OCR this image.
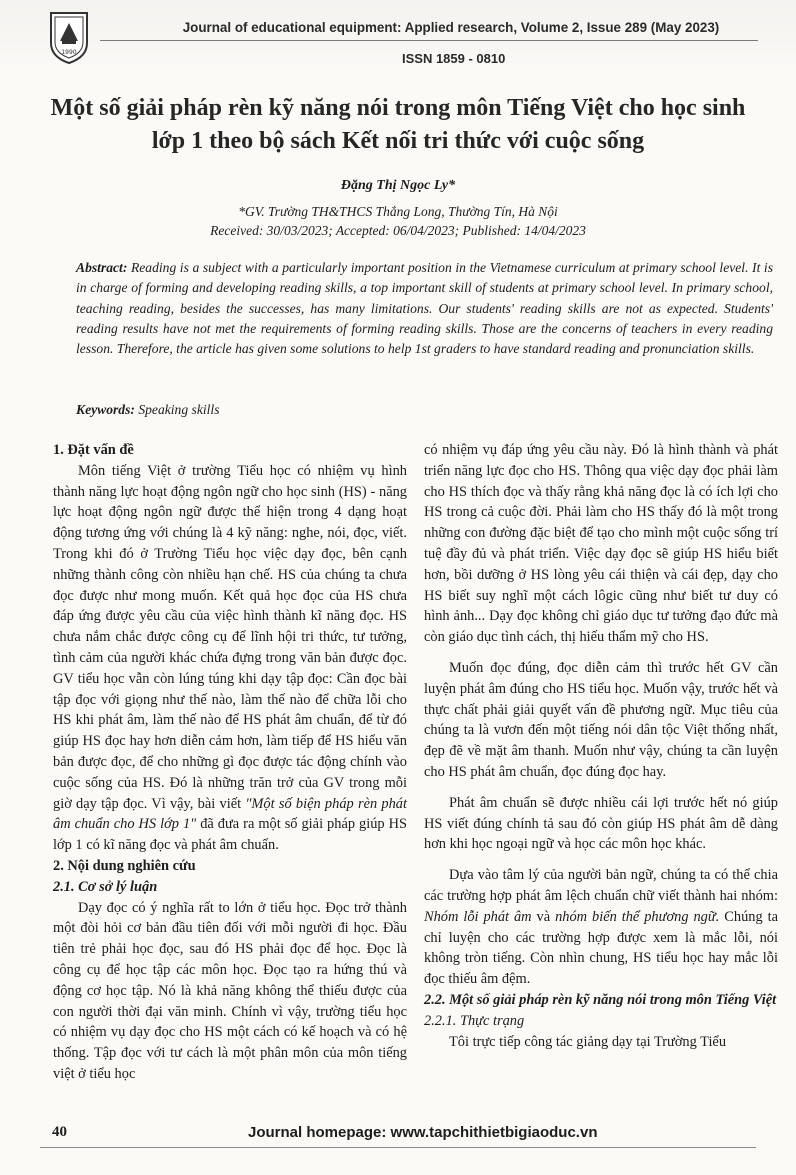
1990
Journal of educational equipment: Applied research, Volume 2, Issue 289 (May 2023)
ISSN 1859 - 0810
Một số giải pháp rèn kỹ năng nói trong môn Tiếng Việt cho học sinh lớp 1 theo bộ sách Kết nối tri thức với cuộc sống
Đặng Thị Ngọc Ly*
*GV. Trường TH&THCS Thắng Long, Thường Tín, Hà Nội
Received: 30/03/2023; Accepted: 06/04/2023; Published: 14/04/2023
Abstract: Reading is a subject with a particularly important position in the Vietnamese curriculum at primary school level. It is in charge of forming and developing reading skills, a top important skill of students at primary school level. In primary school, teaching reading, besides the successes, has many limitations. Our students' reading skills are not as expected. Students' reading results have not met the requirements of forming reading skills. Those are the concerns of teachers in every reading lesson. Therefore, the article has given some solutions to help 1st graders to have standard reading and pronunciation skills.
Keywords: Speaking skills

1. Đặt vấn đề

Môn tiếng Việt ở trường Tiểu học có nhiệm vụ hình thành năng lực hoạt động ngôn ngữ cho học sinh (HS) - năng lực hoạt động ngôn ngữ được thể hiện trong 4 dạng hoạt động tương ứng với chúng là 4 kỹ năng: nghe, nói, đọc, viết. Trong khi đó ở Trường Tiểu học việc dạy đọc, bên cạnh những thành công còn nhiều hạn chế. HS của chúng ta chưa đọc được như mong muốn. Kết quả học đọc của HS chưa đáp ứng được yêu cầu của việc hình thành kĩ năng đọc. HS chưa nắm chắc được công cụ để lĩnh hội tri thức, tư tưởng, tình cảm của người khác chứa đựng trong văn bản được đọc. GV tiểu học vẫn còn lúng túng khi dạy tập đọc: Cần đọc bài tập đọc với giọng như thế nào, làm thế nào để chữa lỗi cho HS khi phát âm, làm thế nào để HS phát âm chuẩn, để từ đó giúp HS đọc hay hơn diễn cảm hơn, làm tiếp để HS hiểu văn bản được đọc, để cho những gì đọc được tác động chính vào cuộc sống của HS. Đó là những trăn trở của GV trong mỗi giờ dạy tập đọc. Vì vậy, bài viết "Một số biện pháp rèn phát âm chuẩn cho HS lớp 1" đã đưa ra một số giải pháp giúp HS lớp 1 có kĩ năng đọc và phát âm chuẩn.

2. Nội dung nghiên cứu

2.1. Cơ sở lý luận

Dạy đọc có ý nghĩa rất to lớn ở tiểu học. Đọc trở thành một đòi hỏi cơ bản đầu tiên đối với mỗi người đi học. Đầu tiên trẻ phải học đọc, sau đó HS phải đọc để học. Đọc là công cụ để học tập các môn học. Đọc tạo ra hứng thú và động cơ học tập. Nó là khả năng không thể thiếu được của con người thời đại văn minh. Chính vì vậy, trường tiểu học có nhiệm vụ dạy đọc cho HS một cách có kế hoạch và có hệ thống. Tập đọc với tư cách là một phân môn của môn tiếng việt ở tiểu học

có nhiệm vụ đáp ứng yêu cầu này. Đó là hình thành và phát triển năng lực đọc cho HS. Thông qua việc dạy đọc phải làm cho HS thích đọc và thấy rằng khả năng đọc là có ích lợi cho HS trong cả cuộc đời. Phải làm cho HS thấy đó là một trong những con đường đặc biệt để tạo cho mình một cuộc sống trí tuệ đầy đủ và phát triển. Việc dạy đọc sẽ giúp HS hiểu biết hơn, bồi dưỡng ở HS lòng yêu cái thiện và cái đẹp, dạy cho HS biết suy nghĩ một cách lôgic cũng như biết tư duy có hình ảnh... Dạy đọc không chỉ giáo dục tư tưởng đạo đức mà còn giáo dục tình cách, thị hiếu thẩm mỹ cho HS.

Muốn đọc đúng, đọc diễn cảm thì trước hết GV cần luyện phát âm đúng cho HS tiểu học. Muốn vậy, trước hết và thực chất phải giải quyết vấn đề phương ngữ. Mục tiêu của chúng ta là vươn đến một tiếng nói dân tộc Việt thống nhất, đẹp đẽ về mặt âm thanh. Muốn như vậy, chúng ta cần luyện cho HS phát âm chuẩn, đọc đúng đọc hay.

Phát âm chuẩn sẽ được nhiều cái lợi trước hết nó giúp HS viết đúng chính tả sau đó còn giúp HS phát âm dễ dàng hơn khi học ngoại ngữ và học các môn học khác.

Dựa vào tâm lý của người bản ngữ, chúng ta có thể chia các trường hợp phát âm lệch chuẩn chữ viết thành hai nhóm: Nhóm lỗi phát âm và nhóm biến thể phương ngữ. Chúng ta chỉ luyện cho các trường hợp được xem là mắc lỗi, nói không tròn tiếng. Còn nhìn chung, HS tiểu học hay mắc lỗi đọc thiếu âm đệm.

2.2. Một số giải pháp rèn kỹ năng nói trong môn Tiếng Việt

2.2.1. Thực trạng

Tôi trực tiếp công tác giảng dạy tại Trường Tiểu

40	Journal homepage: www.tapchithietbigiaoduc.vn
